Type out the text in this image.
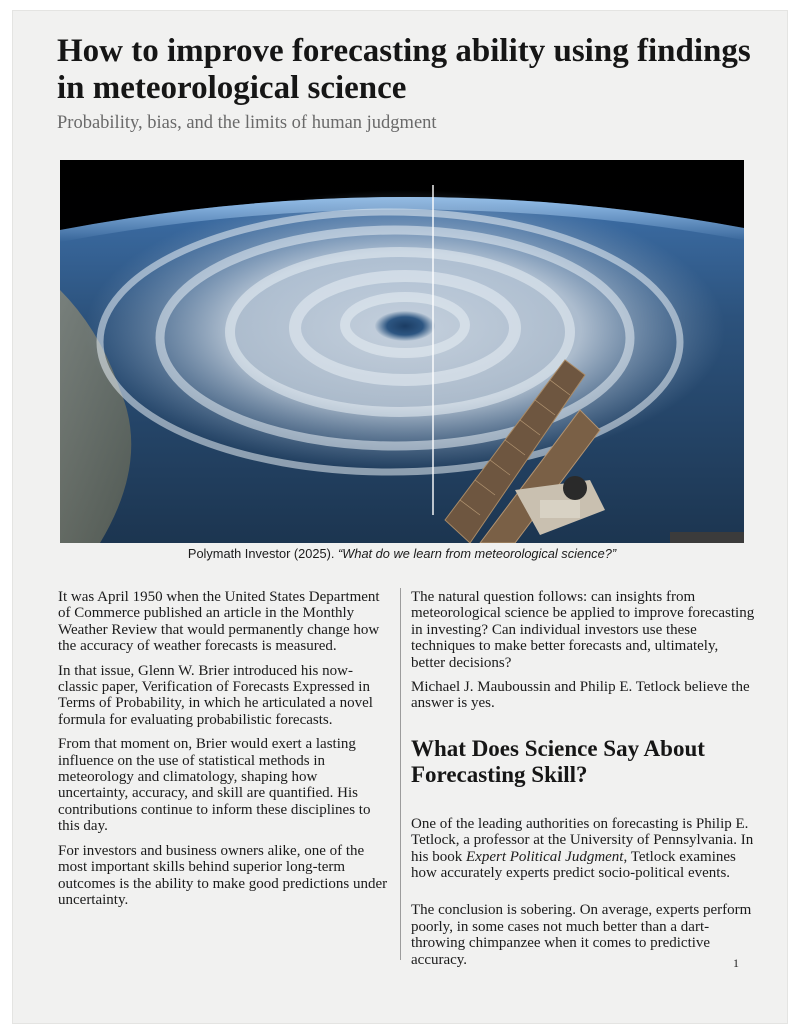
How to improve forecasting ability using findings in meteorological science

Probability, bias, and the limits of human judgment

Polymath Investor (2025). “What do we learn from meteorological science?”

It was April 1950 when the United States Department of Commerce published an article in the Monthly Weather Review that would permanently change how the accuracy of weather forecasts is measured.

In that issue, Glenn W. Brier introduced his now-classic paper, Verification of Forecasts Expressed in Terms of Probability, in which he articulated a novel formula for evaluating probabilistic forecasts.

From that moment on, Brier would exert a lasting influence on the use of statistical methods in meteorology and climatology, shaping how uncertainty, accuracy, and skill are quantified. His contributions continue to inform these disciplines to this day.

For investors and business owners alike, one of the most important skills behind superior long-term outcomes is the ability to make good predictions under uncertainty.

The natural question follows: can insights from meteorological science be applied to improve forecasting in investing? Can individual investors use these techniques to make better forecasts and, ultimately, better decisions?

Michael J. Mauboussin and Philip E. Tetlock believe the answer is yes.

What Does Science Say About Forecasting Skill?

One of the leading authorities on forecasting is Philip E. Tetlock, a professor at the University of Pennsylvania. In his book Expert Political Judgment, Tetlock examines how accurately experts predict socio-political events.

The conclusion is sobering. On average, experts perform poorly, in some cases not much better than a dart-throwing chimpanzee when it comes to predictive accuracy.	1
